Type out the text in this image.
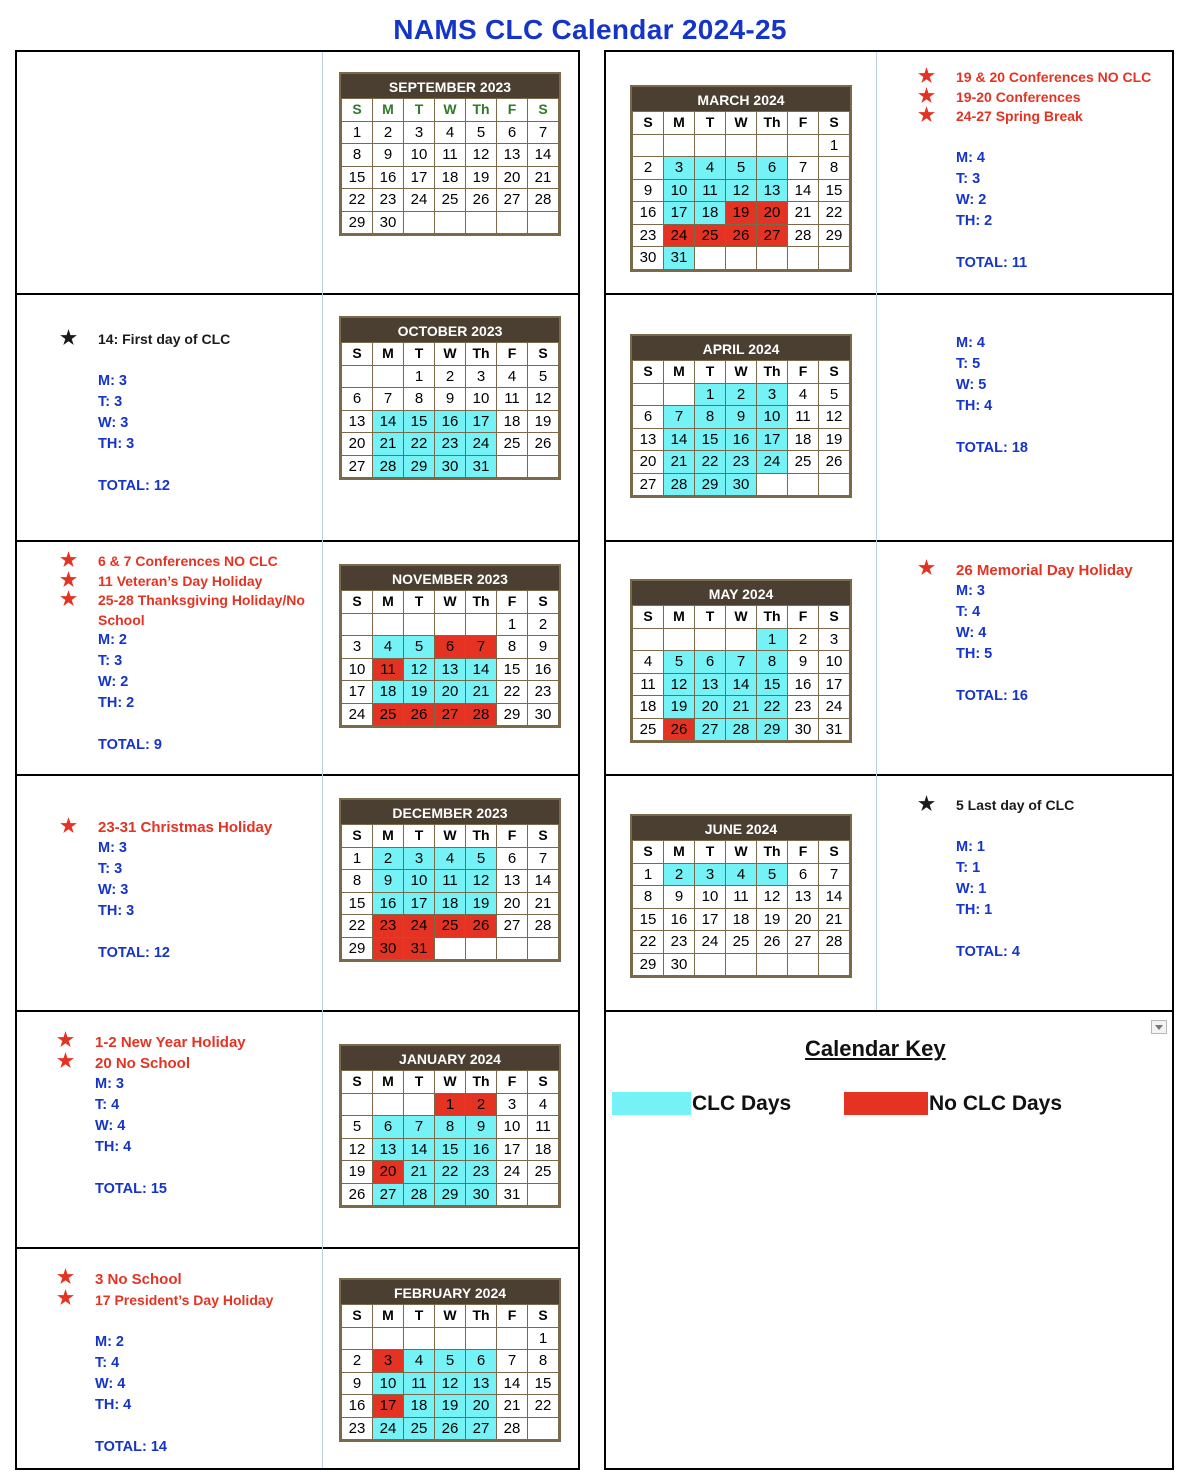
NAMS CLC Calendar 2024-25
★ 14: First day of CLC
M: 3
T: 3
W: 3
TH: 3
TOTAL: 12
★ 6 & 7 Conferences NO CLC
★ 11 Veteran’s Day Holiday
★ 25-28 Thanksgiving Holiday/No School
M: 2
T: 3
W: 2
TH: 2
TOTAL: 9
★ 23-31 Christmas Holiday
M: 3
T: 3
W: 3
TH: 3
TOTAL: 12
★ 1-2 New Year Holiday
★ 20 No School
M: 3
T: 4
W: 4
TH: 4
TOTAL: 15
★ 3 No School
★ 17 President’s Day Holiday
M: 2
T: 4
W: 4
TH: 4
TOTAL: 14
★ 19 & 20 Conferences NO CLC
★ 19-20 Conferences
★ 24-27 Spring Break
M: 4
T: 3
W: 2
TH: 2
TOTAL: 11
M: 4
T: 5
W: 5
TH: 4
TOTAL: 18
★ 26 Memorial Day Holiday
M: 3
T: 4
W: 4
TH: 5
TOTAL: 16
★ 5 Last day of CLC
M: 1
T: 1
W: 1
TH: 1
TOTAL: 4
SEPTEMBER 2023
S	M	T	W	Th	F	S
1	2	3	4	5	6	7
8	9	10	11	12	13	14
15	16	17	18	19	20	21
22	23	24	25	26	27	28
29	30					
OCTOBER 2023
S	M	T	W	Th	F	S
		1	2	3	4	5
6	7	8	9	10	11	12
13	14	15	16	17	18	19
20	21	22	23	24	25	26
27	28	29	30	31		
NOVEMBER 2023
S	M	T	W	Th	F	S
					1	2
3	4	5	6	7	8	9
10	11	12	13	14	15	16
17	18	19	20	21	22	23
24	25	26	27	28	29	30
DECEMBER 2023
S	M	T	W	Th	F	S
1	2	3	4	5	6	7
8	9	10	11	12	13	14
15	16	17	18	19	20	21
22	23	24	25	26	27	28
29	30	31				
JANUARY 2024
S	M	T	W	Th	F	S
			1	2	3	4
5	6	7	8	9	10	11
12	13	14	15	16	17	18
19	20	21	22	23	24	25
26	27	28	29	30	31	
FEBRUARY 2024
S	M	T	W	Th	F	S
						1
2	3	4	5	6	7	8
9	10	11	12	13	14	15
16	17	18	19	20	21	22
23	24	25	26	27	28	
MARCH 2024
S	M	T	W	Th	F	S
						1
2	3	4	5	6	7	8
9	10	11	12	13	14	15
16	17	18	19	20	21	22
23	24	25	26	27	28	29
30	31					
APRIL 2024
S	M	T	W	Th	F	S
		1	2	3	4	5
6	7	8	9	10	11	12
13	14	15	16	17	18	19
20	21	22	23	24	25	26
27	28	29	30			
MAY 2024
S	M	T	W	Th	F	S
				1	2	3
4	5	6	7	8	9	10
11	12	13	14	15	16	17
18	19	20	21	22	23	24
25	26	27	28	29	30	31
JUNE 2024
S	M	T	W	Th	F	S
1	2	3	4	5	6	7
8	9	10	11	12	13	14
15	16	17	18	19	20	21
22	23	24	25	26	27	28
29	30					
Calendar Key
CLC Days	No CLC Days
